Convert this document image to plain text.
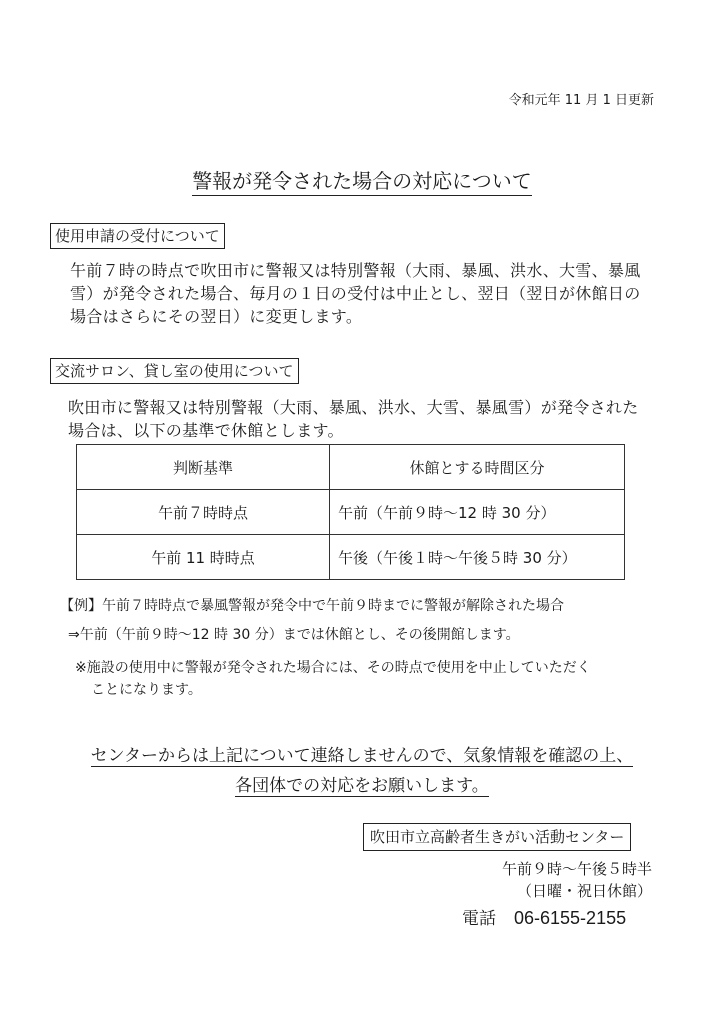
令和元年 11 月 1 日更新
警報が発令された場合の対応について
使用申請の受付について
午前７時の時点で吹田市に警報又は特別警報（大雨、暴風、洪水、大雪、暴風雪）が発令された場合、毎月の１日の受付は中止とし、翌日（翌日が休館日の場合はさらにその翌日）に変更します。
交流サロン、貸し室の使用について
吹田市に警報又は特別警報（大雨、暴風、洪水、大雪、暴風雪）が発令された場合は、以下の基準で休館とします。
判断基準	休館とする時間区分
午前７時時点	午前（午前９時〜12 時 30 分）
午前 11 時時点	午後（午後１時〜午後５時 30 分）
【例】午前７時時点で暴風警報が発令中で午前９時までに警報が解除された場合
⇒午前（午前９時〜12 時 30 分）までは休館とし、その後開館します。
※施設の使用中に警報が発令された場合には、その時点で使用を中止していただく
ことになります。
センターからは上記について連絡しませんので、気象情報を確認の上、
各団体での対応をお願いします。
吹田市立高齢者生きがい活動センター
午前９時〜午後５時半
（日曜・祝日休館）
電話 06-6155-2155
